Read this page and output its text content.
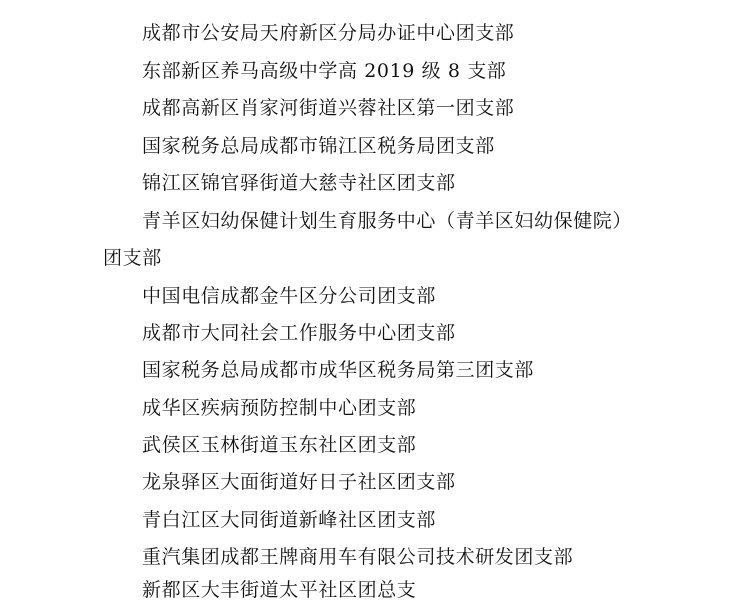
成都市公安局天府新区分局办证中心团支部
东部新区养马高级中学高 2019 级 8 支部
成都高新区肖家河街道兴蓉社区第一团支部
国家税务总局成都市锦江区税务局团支部
锦江区锦官驿街道大慈寺社区团支部
青羊区妇幼保健计划生育服务中心（青羊区妇幼保健院）
团支部
中国电信成都金牛区分公司团支部
成都市大同社会工作服务中心团支部
国家税务总局成都市成华区税务局第三团支部
成华区疾病预防控制中心团支部
武侯区玉林街道玉东社区团支部
龙泉驿区大面街道好日子社区团支部
青白江区大同街道新峰社区团支部
重汽集团成都王牌商用车有限公司技术研发团支部
新都区大丰街道太平社区团总支
